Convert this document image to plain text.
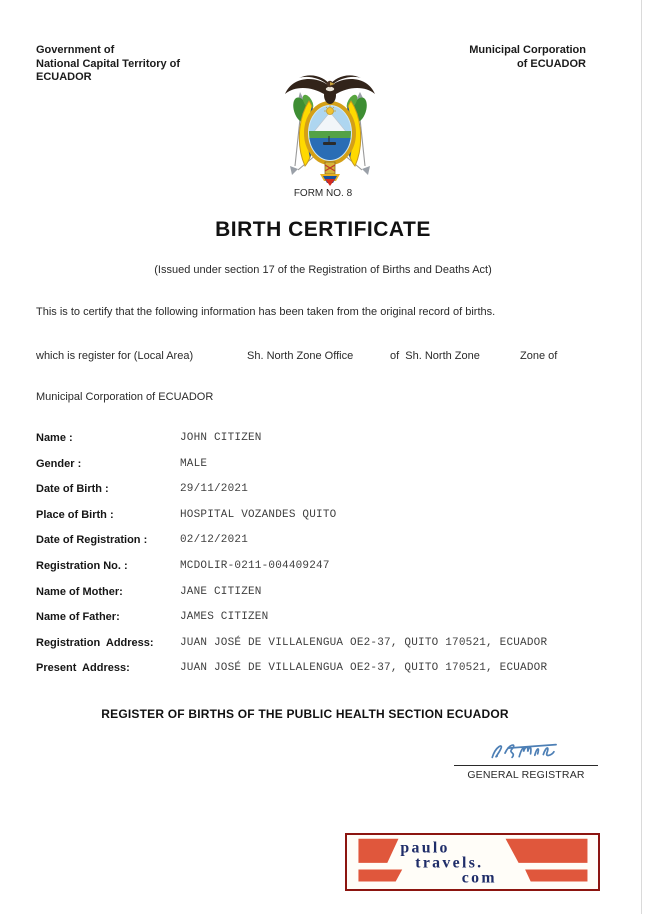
Government of
National Capital Territory of
ECUADOR
Municipal Corporation
of ECUADOR
FORM NO. 8
BIRTH CERTIFICATE
(Issued under section 17 of the Registration of Births and Deaths Act)
This is to certify that the following information has been taken from the original record of births.
which is register for (Local Area)	Sh. North Zone Office	of  Sh. North Zone	Zone of
Municipal Corporation of ECUADOR
Name :	JOHN CITIZEN
Gender :	MALE
Date of Birth :	29/11/2021
Place of Birth :	HOSPITAL VOZANDES QUITO
Date of Registration :	02/12/2021
Registration No. :	MCDOLIR-0211-004409247
Name of Mother:	JANE CITIZEN
Name of Father:	JAMES CITIZEN
Registration  Address: JUAN JOSÉ DE VILLALENGUA OE2-37, QUITO 170521, ECUADOR
Present  Address:	JUAN JOSÉ DE VILLALENGUA OE2-37, QUITO 170521, ECUADOR
REGISTER OF BIRTHS OF THE PUBLIC HEALTH SECTION ECUADOR
GENERAL REGISTRAR
paulo
travels.
com
